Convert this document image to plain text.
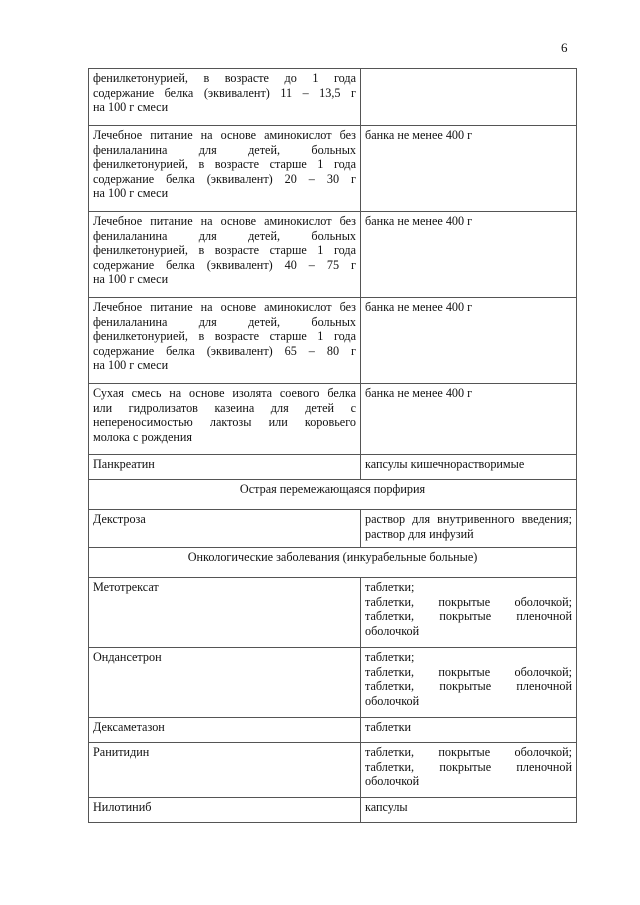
6
фенилкетонурией, в возрасте до 1 года
содержание белка (эквивалент) 11 – 13,5 г
на 100 г смеси	

Лечебное питание на основе аминокислот без
фенилаланина для детей, больных
фенилкетонурией, в возрасте старше 1 года
содержание белка (эквивалент) 20 – 30 г
на 100 г смеси	банка не менее 400 г

Лечебное питание на основе аминокислот без
фенилаланина для детей, больных
фенилкетонурией, в возрасте старше 1 года
содержание белка (эквивалент) 40 – 75 г
на 100 г смеси	банка не менее 400 г

Лечебное питание на основе аминокислот без
фенилаланина для детей, больных
фенилкетонурией, в возрасте старше 1 года
содержание белка (эквивалент) 65 – 80 г
на 100 г смеси	банка не менее 400 г

Сухая смесь на основе изолята соевого белка
или гидролизатов казеина для детей с
непереносимостью лактозы или коровьего
молока с рождения	банка не менее 400 г

Панкреатин	капсулы кишечнорастворимые

Острая перемежающаяся порфирия	

Декстроза	раствор для внутривенного введения;
раствор для инфузий

Онкологические заболевания (инкурабельные больные)	

Метотрексат	таблетки;
таблетки, покрытые оболочкой;
таблетки, покрытые пленочной
оболочкой

Ондансетрон	таблетки;
таблетки, покрытые оболочкой;
таблетки, покрытые пленочной
оболочкой

Дексаметазон	таблетки

Ранитидин	таблетки, покрытые оболочкой;
таблетки, покрытые пленочной
оболочкой

Нилотиниб	капсулы
